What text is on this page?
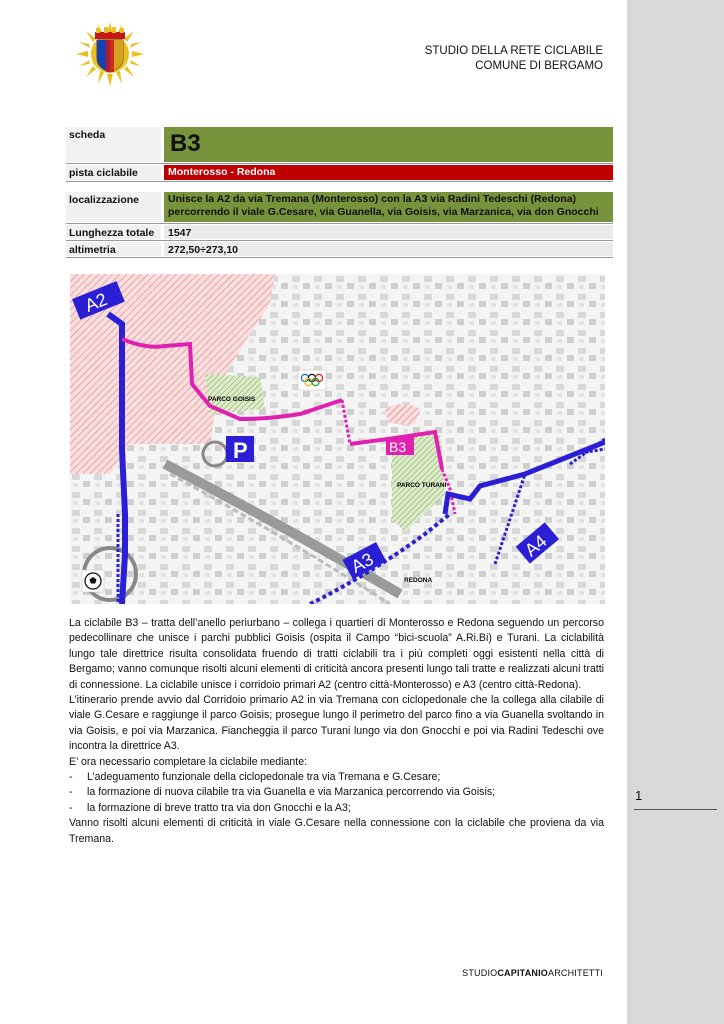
STUDIO DELLA RETE CICLABILE
COMUNE DI BERGAMO
scheda	B3
pista ciclabile	Monterosso - Redona
localizzazione	Unisce la A2 da via Tremana (Monterosso) con la A3 via Radini Tedeschi (Redona)
percorrendo il viale G.Cesare, via Guanella, via Goisis, via Marzanica, via don Gnocchi
Lunghezza totale	1547
altimetria	272,50÷273,10
A2
A3
A4
B3
PARCO GOISIS
PARCO TURANI
REDONA
P

La ciclabile B3 – tratta dell’anello periurbano – collega i quartieri di Monterosso e Redona seguendo un percorso pedecollinare che unisce i parchi pubblici Goisis (ospita il Campo “bici-scuola” A.Ri.Bi) e Turani. La ciclabilità lungo tale direttrice risulta consolidata fruendo di tratti ciclabili tra i più completi oggi esistenti nella città di Bergamo; vanno comunque risolti alcuni elementi di criticità ancora presenti lungo tali tratte e realizzati alcuni tratti di connessione. La ciclabile unisce i corridoio primari A2 (centro città-Monterosso) e A3 (centro città-Redona).

L’itinerario prende avvio dal Corridoio primario A2 in via Tremana con ciclopedonale che la collega alla cilabile di viale G.Cesare e raggiunge il parco Goisis; prosegue lungo il perimetro del parco fino a via Guanella svoltando in via Goisis, e poi via Marzanica. Fiancheggia il parco Turani lungo via don Gnocchi e poi via Radini Tedeschi ove incontra la direttrice A3.

E’ ora necessario completare la ciclabile mediante:

- L’adeguamento funzionale della ciclopedonale tra via Tremana e G.Cesare;
- la formazione di nuova cilabile tra via Guanella e via Marzanica percorrendo via Goisis;
- la formazione di breve tratto tra via don Gnocchi e la A3;

Vanno risolti alcuni elementi di criticità in viale G.Cesare nella connessione con la ciclabile che proviena da via Tremana.

STUDIOCAPITANIOARCHITETTI
1
